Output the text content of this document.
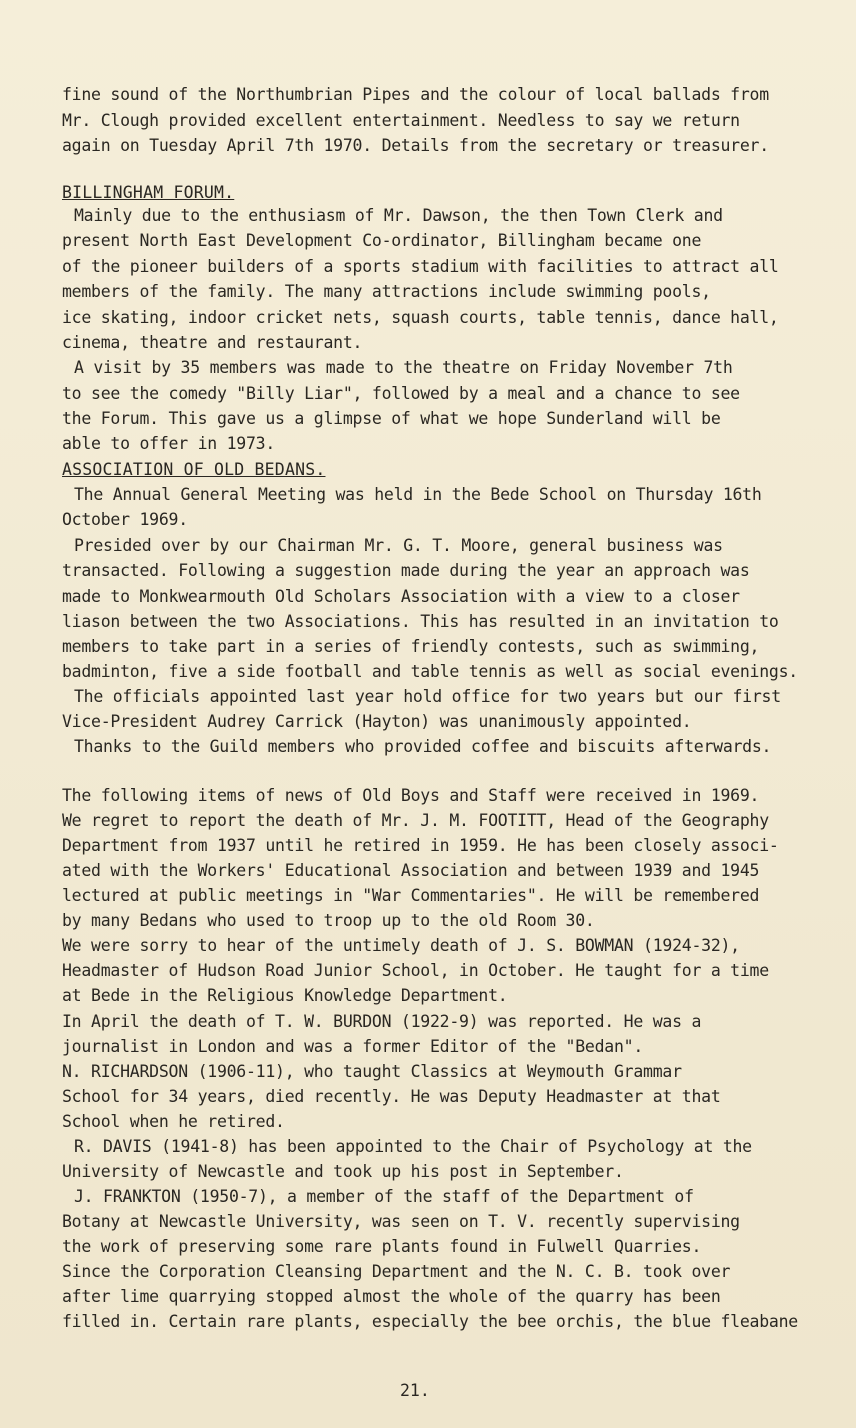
fine sound of the Northumbrian Pipes and the colour of local ballads from
Mr. Clough provided excellent entertainment. Needless to say we return
again on Tuesday April 7th 1970. Details from the secretary or treasurer.
BILLINGHAM FORUM.
Mainly due to the enthusiasm of Mr. Dawson, the then Town Clerk and
present North East Development Co-ordinator, Billingham became one
of the pioneer builders of a sports stadium with facilities to attract all
members of the family. The many attractions include swimming pools,
ice skating, indoor cricket nets, squash courts, table tennis, dance hall,
cinema, theatre and restaurant.
A visit by 35 members was made to the theatre on Friday November 7th
to see the comedy "Billy Liar", followed by a meal and a chance to see
the Forum. This gave us a glimpse of what we hope Sunderland will be
able to offer in 1973.
ASSOCIATION OF OLD BEDANS.
The Annual General Meeting was held in the Bede School on Thursday 16th
October 1969.
Presided over by our Chairman Mr. G. T. Moore, general business was
transacted. Following a suggestion made during the year an approach was
made to Monkwearmouth Old Scholars Association with a view to a closer
liason between the two Associations. This has resulted in an invitation to
members to take part in a series of friendly contests, such as swimming,
badminton, five a side football and table tennis as well as social evenings.
The officials appointed last year hold office for two years but our first
Vice-President Audrey Carrick (Hayton) was unanimously appointed.
Thanks to the Guild members who provided coffee and biscuits afterwards.
The following items of news of Old Boys and Staff were received in 1969.
We regret to report the death of Mr. J. M. FOOTITT, Head of the Geography
Department from 1937 until he retired in 1959. He has been closely associ-
ated with the Workers' Educational Association and between 1939 and 1945
lectured at public meetings in "War Commentaries". He will be remembered
by many Bedans who used to troop up to the old Room 30.
We were sorry to hear of the untimely death of J. S. BOWMAN (1924-32),
Headmaster of Hudson Road Junior School, in October. He taught for a time
at Bede in the Religious Knowledge Department.
In April the death of T. W. BURDON (1922-9) was reported. He was a
journalist in London and was a former Editor of the "Bedan".
N. RICHARDSON (1906-11), who taught Classics at Weymouth Grammar
School for 34 years, died recently. He was Deputy Headmaster at that
School when he retired.
R. DAVIS (1941-8) has been appointed to the Chair of Psychology at the
University of Newcastle and took up his post in September.
J. FRANKTON (1950-7), a member of the staff of the Department of
Botany at Newcastle University, was seen on T. V. recently supervising
the work of preserving some rare plants found in Fulwell Quarries.
Since the Corporation Cleansing Department and the N. C. B. took over
after lime quarrying stopped almost the whole of the quarry has been
filled in. Certain rare plants, especially the bee orchis, the blue fleabane
21.
